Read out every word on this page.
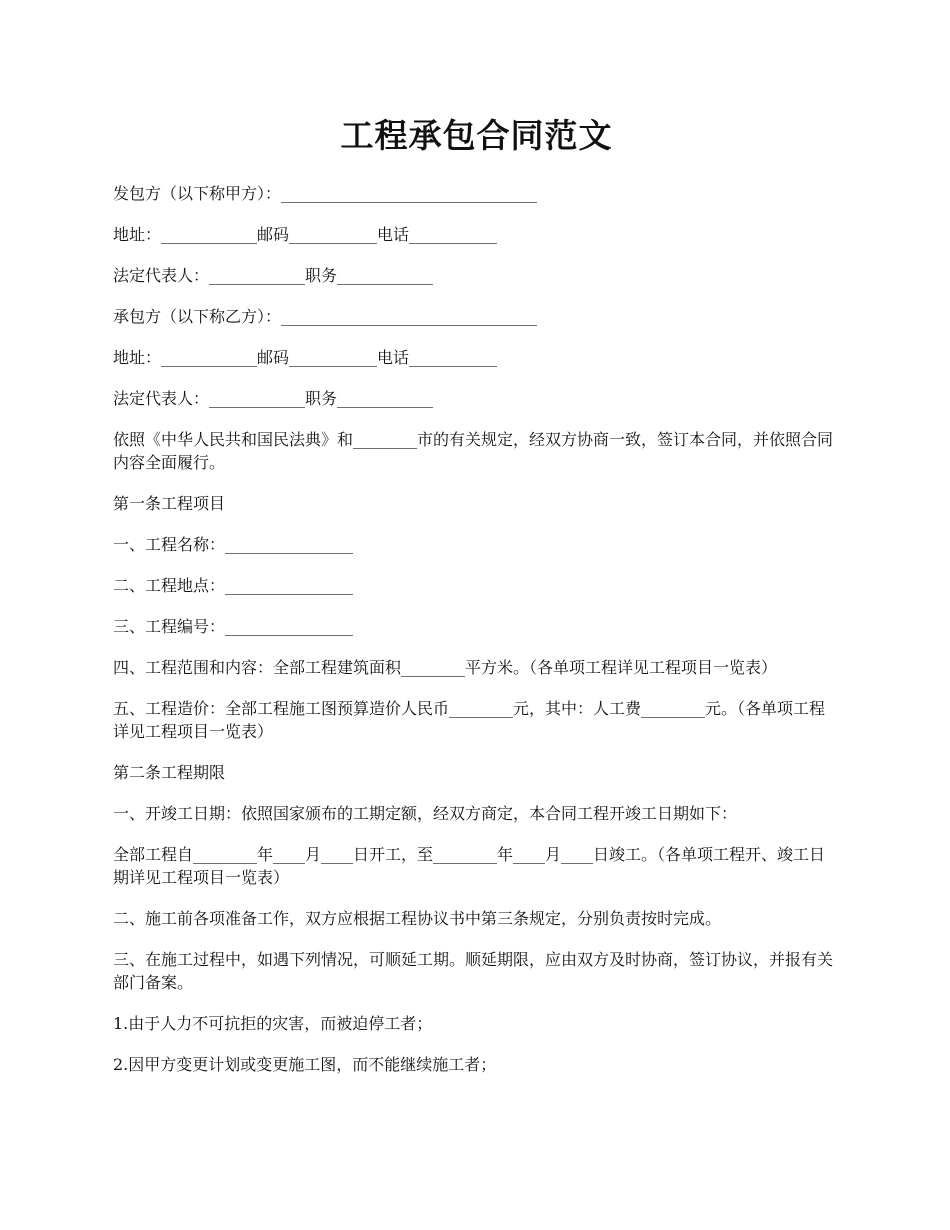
工程承包合同范文

发包方（以下称甲方）：________________________________

地址：____________邮码___________电话___________

法定代表人：____________职务____________

承包方（以下称乙方）：________________________________

地址：____________邮码___________电话___________

法定代表人：____________职务____________

依照《中华人民共和国民法典》和________市的有关规定，经双方协商一致，签订本合同，并依照合同内容全面履行。

第一条工程项目

一、工程名称：________________

二、工程地点：________________

三、工程编号：________________

四、工程范围和内容：全部工程建筑面积________平方米。（各单项工程详见工程项目一览表）

五、工程造价：全部工程施工图预算造价人民币________元，其中：人工费________元。（各单项工程详见工程项目一览表）

第二条工程期限

一、开竣工日期：依照国家颁布的工期定额，经双方商定，本合同工程开竣工日期如下：

全部工程自________年____月____日开工，至________年____月____日竣工。（各单项工程开、竣工日期详见工程项目一览表）

二、施工前各项准备工作，双方应根据工程协议书中第三条规定，分别负责按时完成。

三、在施工过程中，如遇下列情况，可顺延工期。顺延期限，应由双方及时协商，签订协议，并报有关部门备案。

1.由于人力不可抗拒的灾害，而被迫停工者；

2.因甲方变更计划或变更施工图，而不能继续施工者；
